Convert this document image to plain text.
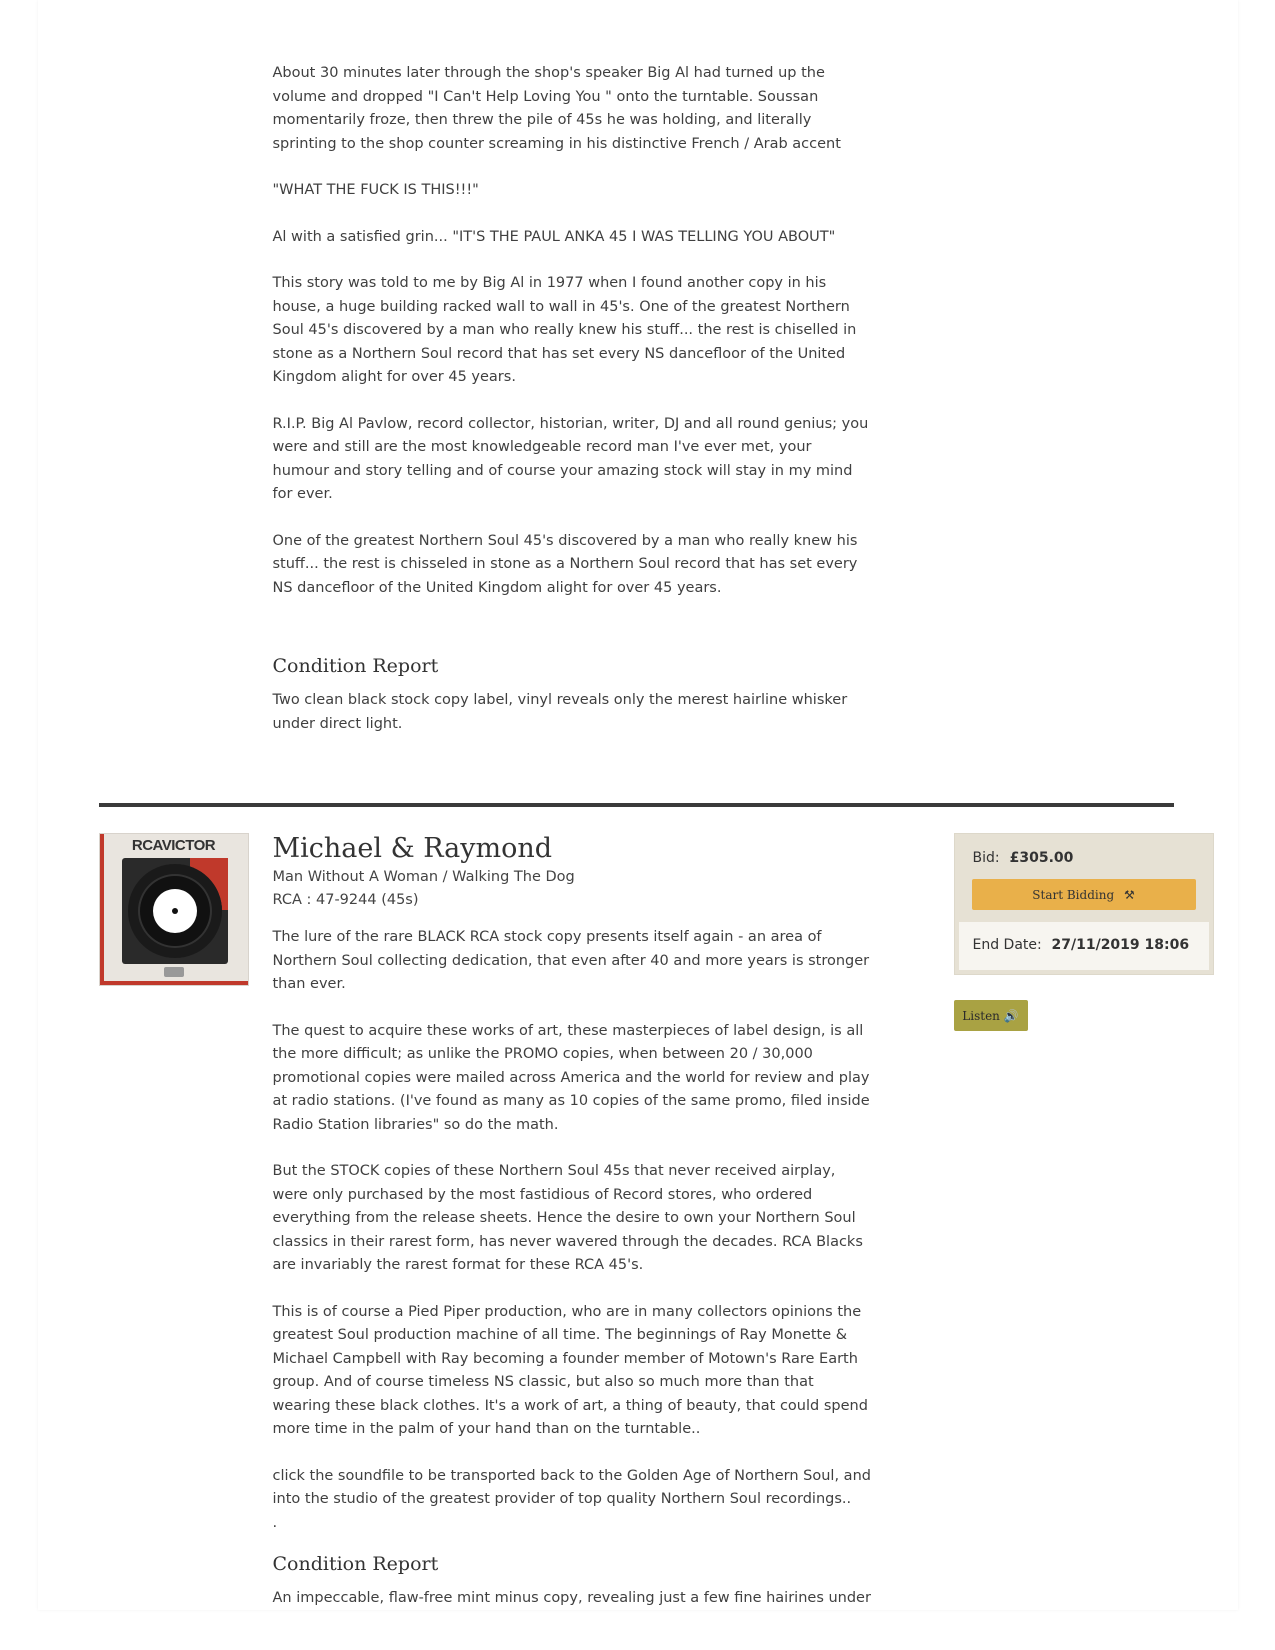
About 30 minutes later through the shop's speaker Big Al had turned up the volume and dropped "I Can't Help Loving You " onto the turntable. Soussan momentarily froze, then threw the pile of 45s he was holding, and literally sprinting to the shop counter screaming in his distinctive French / Arab accent

"WHAT THE FUCK IS THIS!!!"

Al with a satisfied grin... "IT'S THE PAUL ANKA 45 I WAS TELLING YOU ABOUT"

This story was told to me by Big Al in 1977 when I found another copy in his house, a huge building racked wall to wall in 45's. One of the greatest Northern Soul 45's discovered by a man who really knew his stuff... the rest is chiselled in stone as a Northern Soul record that has set every NS dancefloor of the United Kingdom alight for over 45 years.

R.I.P. Big Al Pavlow, record collector, historian, writer, DJ and all round genius; you were and still are the most knowledgeable record man I've ever met, your humour and story telling and of course your amazing stock will stay in my mind for ever.

One of the greatest Northern Soul 45's discovered by a man who really knew his stuff... the rest is chisseled in stone as a Northern Soul record that has set every NS dancefloor of the United Kingdom alight for over 45 years.

Condition Report

Two clean black stock copy label, vinyl reveals only the merest hairline whisker under direct light.

RCAVICTOR	Michael & Raymond

Man Without A Woman / Walking The Dog

RCA : 47-9244 (45s)

The lure of the rare BLACK RCA stock copy presents itself again - an area of Northern Soul collecting dedication, that even after 40 and more years is stronger than ever.

The quest to acquire these works of art, these masterpieces of label design, is all the more difficult; as unlike the PROMO copies, when between 20 / 30,000 promotional copies were mailed across America and the world for review and play at radio stations. (I've found as many as 10 copies of the same promo, filed inside Radio Station libraries" so do the math.

But the STOCK copies of these Northern Soul 45s that never received airplay, were only purchased by the most fastidious of Record stores, who ordered everything from the release sheets. Hence the desire to own your Northern Soul classics in their rarest form, has never wavered through the decades. RCA Blacks are invariably the rarest format for these RCA 45's.

This is of course a Pied Piper production, who are in many collectors opinions the greatest Soul production machine of all time. The beginnings of Ray Monette & Michael Campbell with Ray becoming a founder member of Motown's Rare Earth group. And of course timeless NS classic, but also so much more than that wearing these black clothes. It's a work of art, a thing of beauty, that could spend more time in the palm of your hand than on the turntable..

click the soundfile to be transported back to the Golden Age of Northern Soul, and into the studio of the greatest provider of top quality Northern Soul recordings..

.

Condition Report

An impeccable, flaw-free mint minus copy, revealing just a few fine hairines under

Bid: £305.00
Start Bidding ⚒
End Date: 27/11/2019 18:06
Listen 🔊
